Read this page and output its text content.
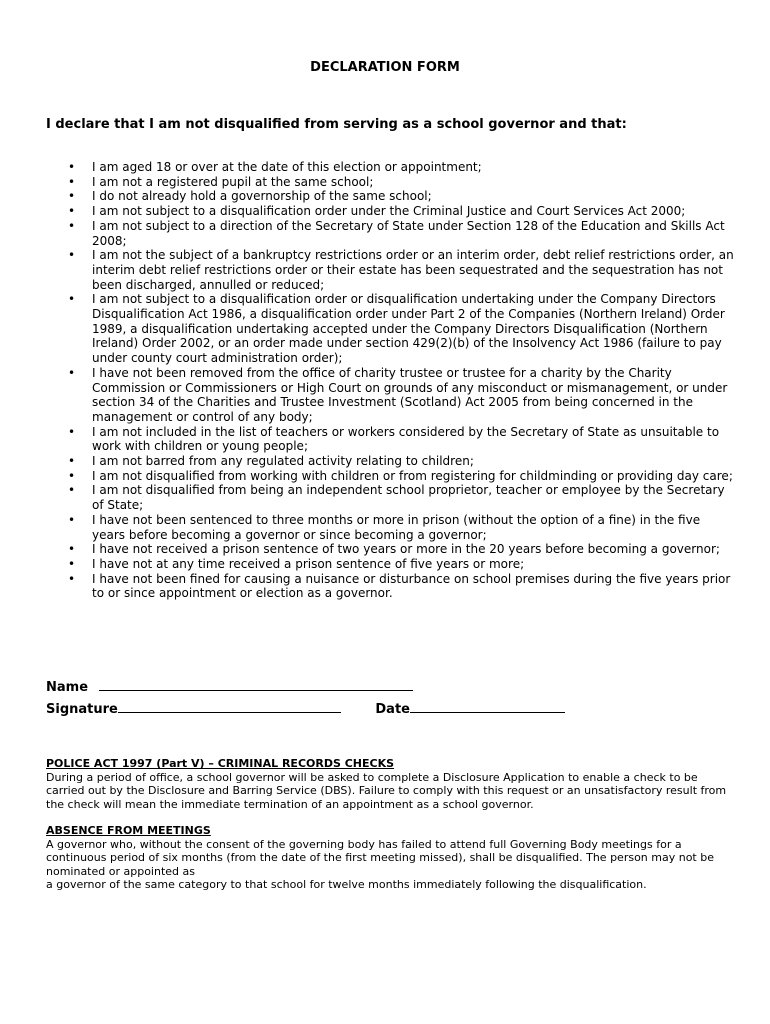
DECLARATION FORM
I declare that I am not disqualified from serving as a school governor and that:
• I am aged 18 or over at the date of this election or appointment;
• I am not a registered pupil at the same school;
• I do not already hold a governorship of the same school;
• I am not subject to a disqualification order under the Criminal Justice and Court Services Act 2000;
• I am not subject to a direction of the Secretary of State under Section 128 of the Education and Skills Act 2008;
• I am not the subject of a bankruptcy restrictions order or an interim order, debt relief restrictions order, an interim debt relief restrictions order or their estate has been sequestrated and the sequestration has not been discharged, annulled or reduced;
• I am not subject to a disqualification order or disqualification undertaking under the Company Directors Disqualification Act 1986, a disqualification order under Part 2 of the Companies (Northern Ireland) Order 1989, a disqualification undertaking accepted under the Company Directors Disqualification (Northern Ireland) Order 2002, or an order made under section 429(2)(b) of the Insolvency Act 1986 (failure to pay under county court administration order);
• I have not been removed from the office of charity trustee or trustee for a charity by the Charity Commission or Commissioners or High Court on grounds of any misconduct or mismanagement, or under section 34 of the Charities and Trustee Investment (Scotland) Act 2005 from being concerned in the management or control of any body;
• I am not included in the list of teachers or workers considered by the Secretary of State as unsuitable to work with children or young people;
• I am not barred from any regulated activity relating to children;
• I am not disqualified from working with children or from registering for childminding or providing day care;
• I am not disqualified from being an independent school proprietor, teacher or employee by the Secretary of State;
• I have not been sentenced to three months or more in prison (without the option of a fine) in the five years before becoming a governor or since becoming a governor;
• I have not received a prison sentence of two years or more in the 20 years before becoming a governor;
• I have not at any time received a prison sentence of five years or more;
• I have not been fined for causing a nuisance or disturbance on school premises during the five years prior to or since appointment or election as a governor.
Name
Signature	Date
POLICE ACT 1997 (Part V) – CRIMINAL RECORDS CHECKS
During a period of office, a school governor will be asked to complete a Disclosure Application to enable a check to be carried out by the Disclosure and Barring Service (DBS). Failure to comply with this request or an unsatisfactory result from the check will mean the immediate termination of an appointment as a school governor.
ABSENCE FROM MEETINGS
A governor who, without the consent of the governing body has failed to attend full Governing Body meetings for a continuous period of six months (from the date of the first meeting missed), shall be disqualified. The person may not be nominated or appointed as
a governor of the same category to that school for twelve months immediately following the disqualification.
